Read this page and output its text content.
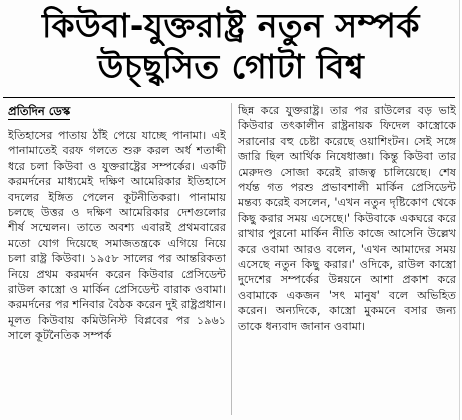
কিউবা-যুক্তরাষ্ট্র নতুন সম্পর্ক
উচ্ছ্বসিত গোটা বিশ্ব
প্রতিদিন ডেস্ক

ইতিহাসের পাতায় ঠাঁই পেয়ে যাচ্ছে পানামা। এই পানামাতেই বরফ গলতে শুরু করল অর্ধ শতাব্দী ধরে চলা কিউবা ও যুক্তরাষ্ট্রের সম্পর্কের। একটি করমর্দনের মাধ্যমেই দক্ষিণ আমেরিকার ইতিহাসে বদলের ইঙ্গিত পেলেন কূটনীতিকরা। পানামায় চলছে উত্তর ও দক্ষিণ আমেরিকার দেশগুলোর শীর্ষ সম্মেলন। তাতে অবশ্য এবারই প্রথমবারের মতো যোগ দিয়েছে সমাজতন্ত্রকে এগিয়ে নিয়ে চলা রাষ্ট্র কিউবা। ১৯৫৮ সালের পর আন্তরিকতা নিয়ে প্রথম করমর্দন করেন কিউবার প্রেসিডেন্ট রাউল কাস্ত্রো ও মার্কিন প্রেসিডেন্ট বারাক ওবামা। করমর্দনের পর শনিবার বৈঠক করেন দুই রাষ্ট্রপ্রধান। মূলত কিউবায় কমিউনিস্ট বিপ্লবের পর ১৯৬১ সালে কূটনৈতিক সম্পর্ক

ছিন্ন করে যুক্তরাষ্ট্র। তার পর রাউলের বড় ভাই কিউবার তৎকালীন রাষ্ট্রনায়ক ফিদেল কাস্ত্রোকে সরানোর বহু চেষ্টা করেছে ওয়াশিংটন। সেই সঙ্গে জারি ছিল আর্থিক নিষেধাজ্ঞা। কিন্তু কিউবা তার মেরুদণ্ড সোজা করেই রাজত্ব চালিয়েছে। শেষ পর্যন্ত গত পরশু প্রভাবশালী মার্কিন প্রেসিডেন্ট মন্তব্য করেই বসলেন, 'এখন নতুন দৃষ্টিকোণ থেকে কিছু করার সময় এসেছে।' কিউবাকে একঘরে করে রাখার পুরনো মার্কিন নীতি কাজে আসেনি উল্লেখ করে ওবামা আরও বলেন, 'এখন আমাদের সময় এসেছে নতুন কিছু করার।' ওদিকে, রাউল কাস্ত্রো দুদেশের সম্পর্কের উন্নয়নে আশা প্রকাশ করে ওবামাকে একজন 'সৎ মানুষ' বলে অভিহিত করেন। অন্যদিকে, কাস্ত্রো মুকমনে বসার জন্য তাকে ধন্যবাদ জানান ওবামা।
